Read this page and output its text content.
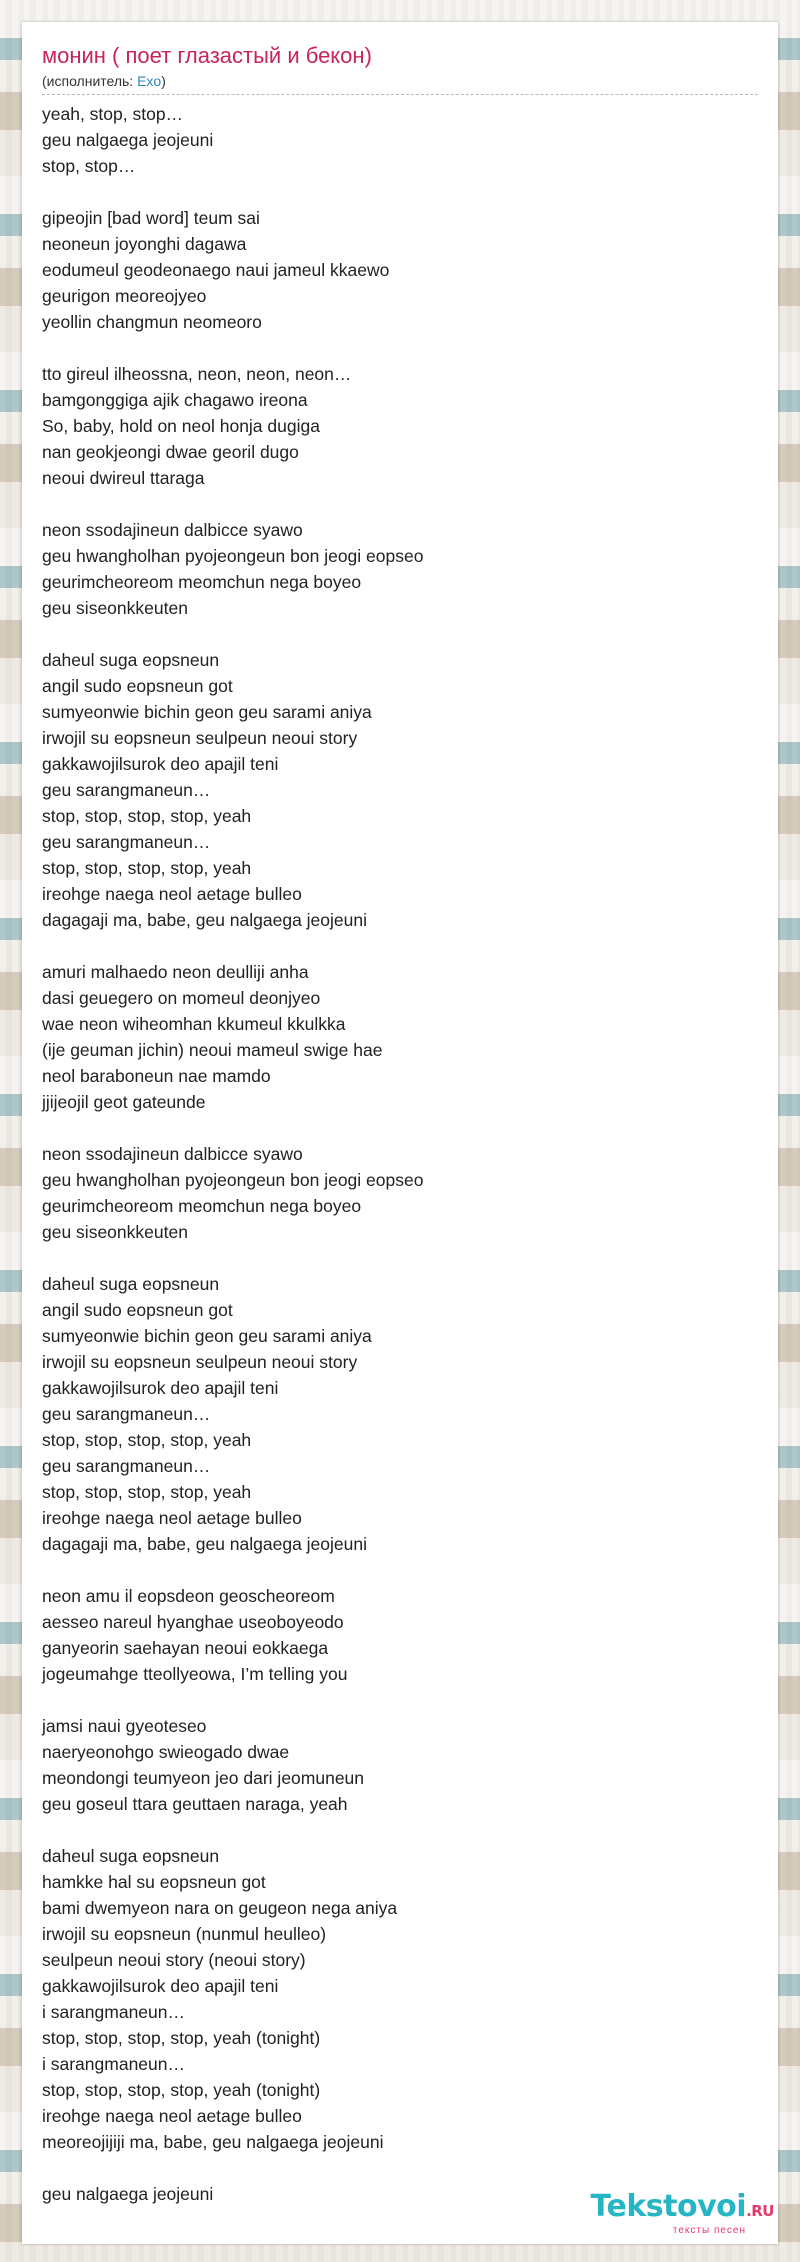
монин ( поет глазастый и бекон)
(исполнитель: Exo)
yeah, stop, stop…
geu nalgaega jeojeuni
stop, stop…
gipeojin [bad word] teum sai
neoneun joyonghi dagawa
eodumeul geodeonaego naui jameul kkaewo
geurigon meoreojyeo
yeollin changmun neomeoro
tto gireul ilheossna, neon, neon, neon…
bamgonggiga ajik chagawo ireona
So, baby, hold on neol honja dugiga
nan geokjeongi dwae georil dugo
neoui dwireul ttaraga
neon ssodajineun dalbicce syawo
geu hwangholhan pyojeongeun bon jeogi eopseo
geurimcheoreom meomchun nega boyeo
geu siseonkkeuten
daheul suga eopsneun
angil sudo eopsneun got
sumyeonwie bichin geon geu sarami aniya
irwojil su eopsneun seulpeun neoui story
gakkawojilsurok deo apajil teni
geu sarangmaneun…
stop, stop, stop, stop, yeah
geu sarangmaneun…
stop, stop, stop, stop, yeah
ireohge naega neol aetage bulleo
dagagaji ma, babe, geu nalgaega jeojeuni
amuri malhaedo neon deulliji anha
dasi geuegero on momeul deonjyeo
wae neon wiheomhan kkumeul kkulkka
(ije geuman jichin) neoui mameul swige hae
neol baraboneun nae mamdo
jjijeojil geot gateunde
neon ssodajineun dalbicce syawo
geu hwangholhan pyojeongeun bon jeogi eopseo
geurimcheoreom meomchun nega boyeo
geu siseonkkeuten
daheul suga eopsneun
angil sudo eopsneun got
sumyeonwie bichin geon geu sarami aniya
irwojil su eopsneun seulpeun neoui story
gakkawojilsurok deo apajil teni
geu sarangmaneun…
stop, stop, stop, stop, yeah
geu sarangmaneun…
stop, stop, stop, stop, yeah
ireohge naega neol aetage bulleo
dagagaji ma, babe, geu nalgaega jeojeuni
neon amu il eopsdeon geoscheoreom
aesseo nareul hyanghae useoboyeodo
ganyeorin saehayan neoui eokkaega
jogeumahge tteollyeowa, I’m telling you
jamsi naui gyeoteseo
naeryeonohgo swieogado dwae
meondongi teumyeon jeo dari jeomuneun
geu goseul ttara geuttaen naraga, yeah
daheul suga eopsneun
hamkke hal su eopsneun got
bami dwemyeon nara on geugeon nega aniya
irwojil su eopsneun (nunmul heulleo)
seulpeun neoui story (neoui story)
gakkawojilsurok deo apajil teni
i sarangmaneun…
stop, stop, stop, stop, yeah (tonight)
i sarangmaneun…
stop, stop, stop, stop, yeah (tonight)
ireohge naega neol aetage bulleo
meoreojijiji ma, babe, geu nalgaega jeojeuni
geu nalgaega jeojeuni	Tekstovoi.RU
тексты песен
